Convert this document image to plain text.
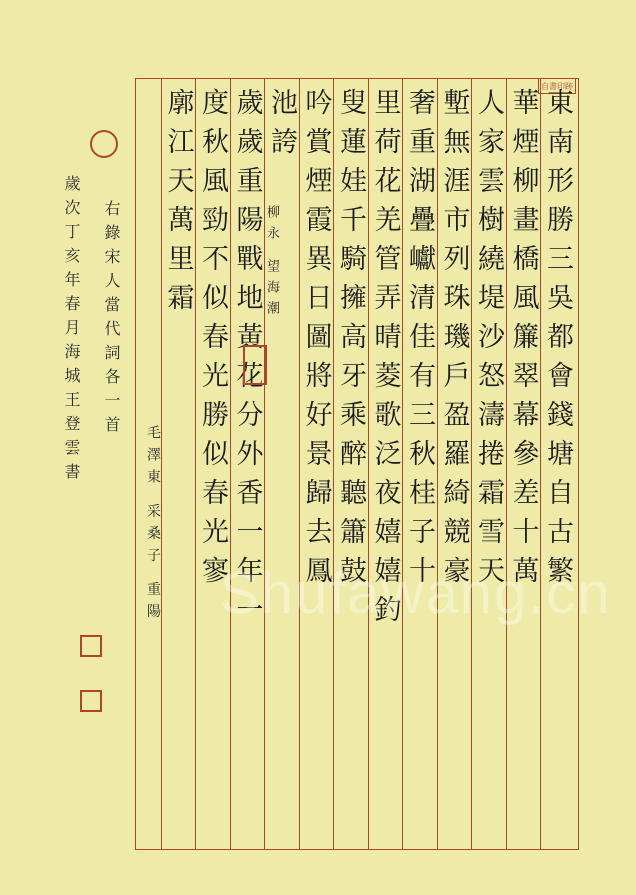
自書印跡
東南形勝三吳都會錢塘自古繁
華煙柳畫橋風簾翠幕參差十萬
人家雲樹繞堤沙怒濤捲霜雪天
塹無涯市列珠璣戶盈羅綺競豪
奢重湖疊巘清佳有三秋桂子十
里荷花羌管弄晴菱歌泛夜嬉嬉釣
叟蓮娃千騎擁高牙乘醉聽簫鼓
吟賞煙霞異日圖將好景歸去鳳
池誇
歲歲重陽戰地黃花分外香一年一
度秋風勁不似春光勝似春光寥
廓江天萬里霜	柳永 望海潮
毛澤東 采桑子 重陽
右錄宋人當代詞各一首
歲次丁亥年春月海城王登雲書
Shufawang.cn
